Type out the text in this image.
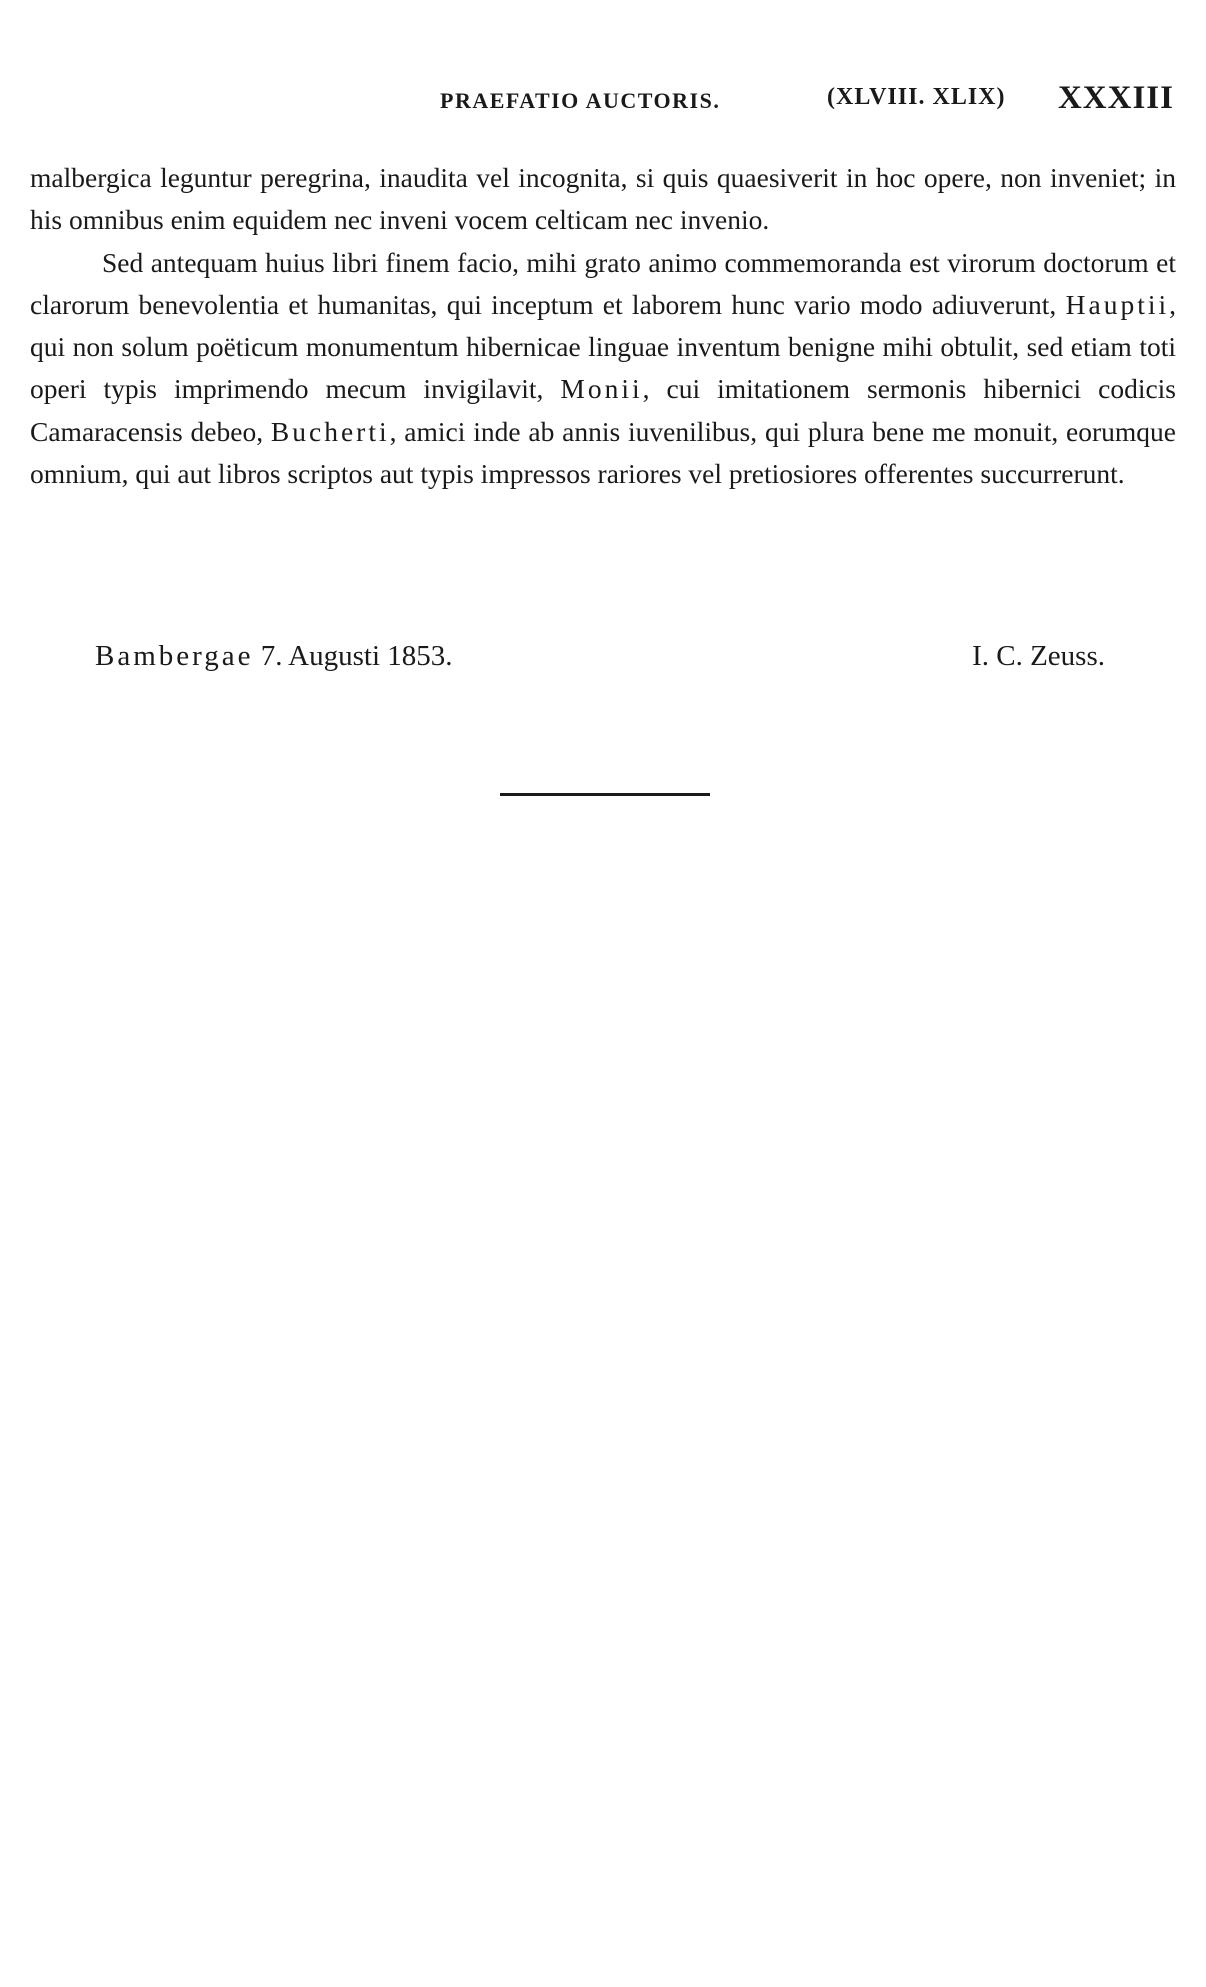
PRAEFATIO AUCTORIS.	(XLVIII. XLIX) XXXIII

malbergica leguntur peregrina, inaudita vel incognita, si quis quaesiverit in hoc opere, non inveniet; in his omnibus enim equidem nec inveni vocem celticam nec invenio.

Sed antequam huius libri finem facio, mihi grato animo commemoranda est virorum doctorum et clarorum benevolentia et humanitas, qui inceptum et laborem hunc vario modo adiuverunt, Hauptii, qui non solum poëticum monumentum hibernicae linguae inventum benigne mihi obtulit, sed etiam toti operi typis imprimendo mecum invigilavit, Monii, cui imitationem sermonis hibernici codicis Camaracensis debeo, Bucherti, amici inde ab annis iuvenilibus, qui plura bene me monuit, eorumque omnium, qui aut libros scriptos aut typis impressos rariores vel pretiosiores offerentes succurrerunt.

Bambergae 7. Augusti 1853.	I. C. Zeuss.
